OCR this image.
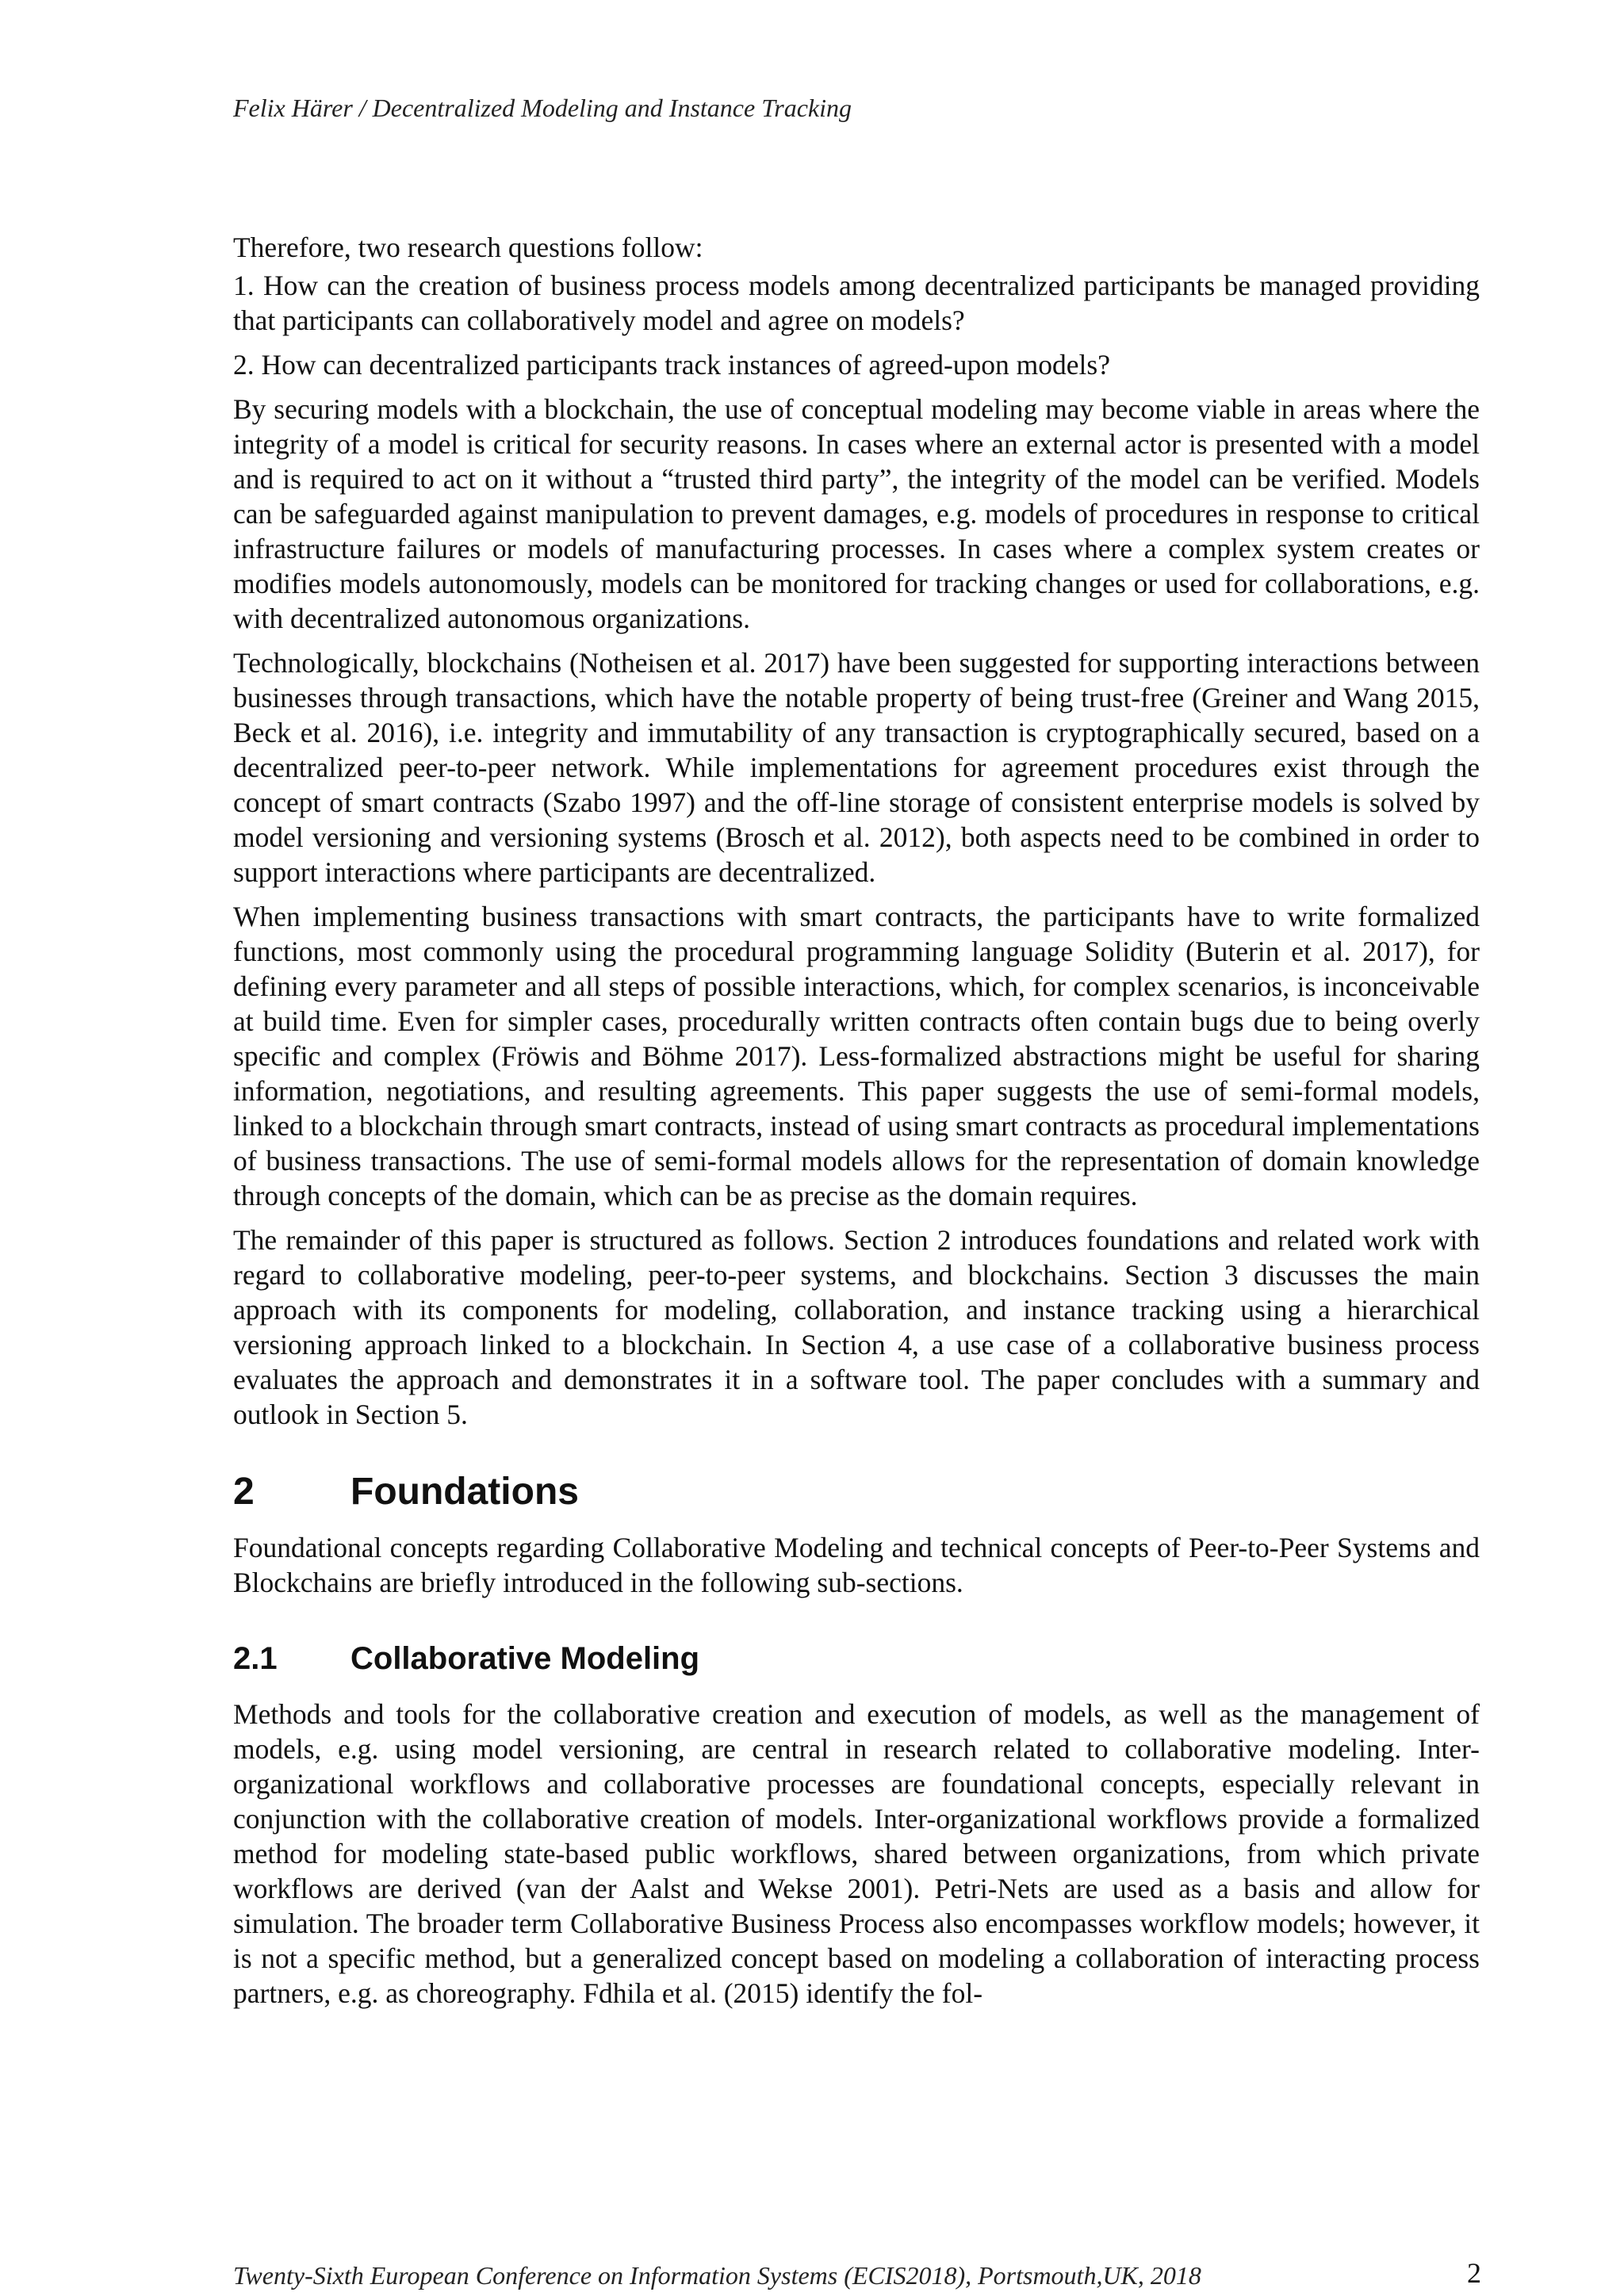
Felix Härer / Decentralized Modeling and Instance Tracking

Therefore, two research questions follow:

1. How can the creation of business process models among decentralized participants be managed providing that participants can collaboratively model and agree on models?

2. How can decentralized participants track instances of agreed-upon models?

By securing models with a blockchain, the use of conceptual modeling may become viable in areas where the integrity of a model is critical for security reasons. In cases where an external actor is presented with a model and is required to act on it without a “trusted third party”, the integrity of the model can be verified. Models can be safeguarded against manipulation to prevent damages, e.g. models of procedures in response to critical infrastructure failures or models of manufacturing processes. In cases where a complex system creates or modifies models autonomously, models can be monitored for tracking changes or used for collaborations, e.g. with decentralized autonomous organizations.

Technologically, blockchains (Notheisen et al. 2017) have been suggested for supporting interactions between businesses through transactions, which have the notable property of being trust-free (Greiner and Wang 2015, Beck et al. 2016), i.e. integrity and immutability of any transaction is cryptographically secured, based on a decentralized peer-to-peer network. While implementations for agreement procedures exist through the concept of smart contracts (Szabo 1997) and the off-line storage of consistent enterprise models is solved by model versioning and versioning systems (Brosch et al. 2012), both aspects need to be combined in order to support interactions where participants are decentralized.

When implementing business transactions with smart contracts, the participants have to write formalized functions, most commonly using the procedural programming language Solidity (Buterin et al. 2017), for defining every parameter and all steps of possible interactions, which, for complex scenarios, is inconceivable at build time. Even for simpler cases, procedurally written contracts often contain bugs due to being overly specific and complex (Fröwis and Böhme 2017). Less-formalized abstractions might be useful for sharing information, negotiations, and resulting agreements. This paper suggests the use of semi-formal models, linked to a blockchain through smart contracts, instead of using smart contracts as procedural implementations of business transactions. The use of semi-formal models allows for the representation of domain knowledge through concepts of the domain, which can be as precise as the domain requires.

The remainder of this paper is structured as follows. Section 2 introduces foundations and related work with regard to collaborative modeling, peer-to-peer systems, and blockchains. Section 3 discusses the main approach with its components for modeling, collaboration, and instance tracking using a hierarchical versioning approach linked to a blockchain. In Section 4, a use case of a collaborative business process evaluates the approach and demonstrates it in a software tool. The paper concludes with a summary and outlook in Section 5.

2	Foundations

Foundational concepts regarding Collaborative Modeling and technical concepts of Peer-to-Peer Systems and Blockchains are briefly introduced in the following sub-sections.

2.1	Collaborative Modeling

Methods and tools for the collaborative creation and execution of models, as well as the management of models, e.g. using model versioning, are central in research related to collaborative modeling. Inter-organizational workflows and collaborative processes are foundational concepts, especially relevant in conjunction with the collaborative creation of models. Inter-organizational workflows provide a formalized method for modeling state-based public workflows, shared between organizations, from which private workflows are derived (van der Aalst and Wekse 2001). Petri-Nets are used as a basis and allow for simulation. The broader term Collaborative Business Process also encompasses workflow models; however, it is not a specific method, but a generalized concept based on modeling a collaboration of interacting process partners, e.g. as choreography. Fdhila et al. (2015) identify the fol-

Twenty-Sixth European Conference on Information Systems (ECIS2018), Portsmouth,UK, 2018	2
